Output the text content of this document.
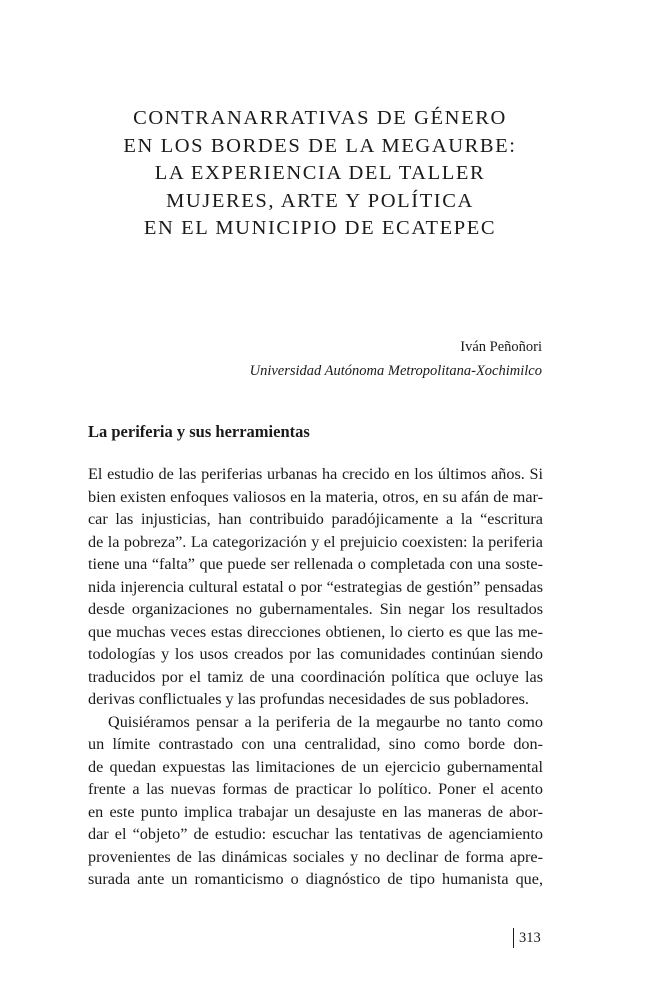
CONTRANARRATIVAS DE GÉNERO
EN LOS BORDES DE LA MEGAURBE:
LA EXPERIENCIA DEL TALLER
MUJERES, ARTE Y POLÍTICA
EN EL MUNICIPIO DE ECATEPEC
Iván Peñoñori
Universidad Autónoma Metropolitana-Xochimilco
La periferia y sus herramientas
El estudio de las periferias urbanas ha crecido en los últimos años. Si
bien existen enfoques valiosos en la materia, otros, en su afán de mar-
car las injusticias, han contribuido paradójicamente a la “escritura
de la pobreza”. La categorización y el prejuicio coexisten: la periferia
tiene una “falta” que puede ser rellenada o completada con una soste-
nida injerencia cultural estatal o por “estrategias de gestión” pensadas
desde organizaciones no gubernamentales. Sin negar los resultados
que muchas veces estas direcciones obtienen, lo cierto es que las me-
todologías y los usos creados por las comunidades continúan siendo
traducidos por el tamiz de una coordinación política que ocluye las
derivas conflictuales y las profundas necesidades de sus pobladores.
Quisiéramos pensar a la periferia de la megaurbe no tanto como
un límite contrastado con una centralidad, sino como borde don-
de quedan expuestas las limitaciones de un ejercicio gubernamental
frente a las nuevas formas de practicar lo político. Poner el acento
en este punto implica trabajar un desajuste en las maneras de abor-
dar el “objeto” de estudio: escuchar las tentativas de agenciamiento
provenientes de las dinámicas sociales y no declinar de forma apre-
surada ante un romanticismo o diagnóstico de tipo humanista que,
313
